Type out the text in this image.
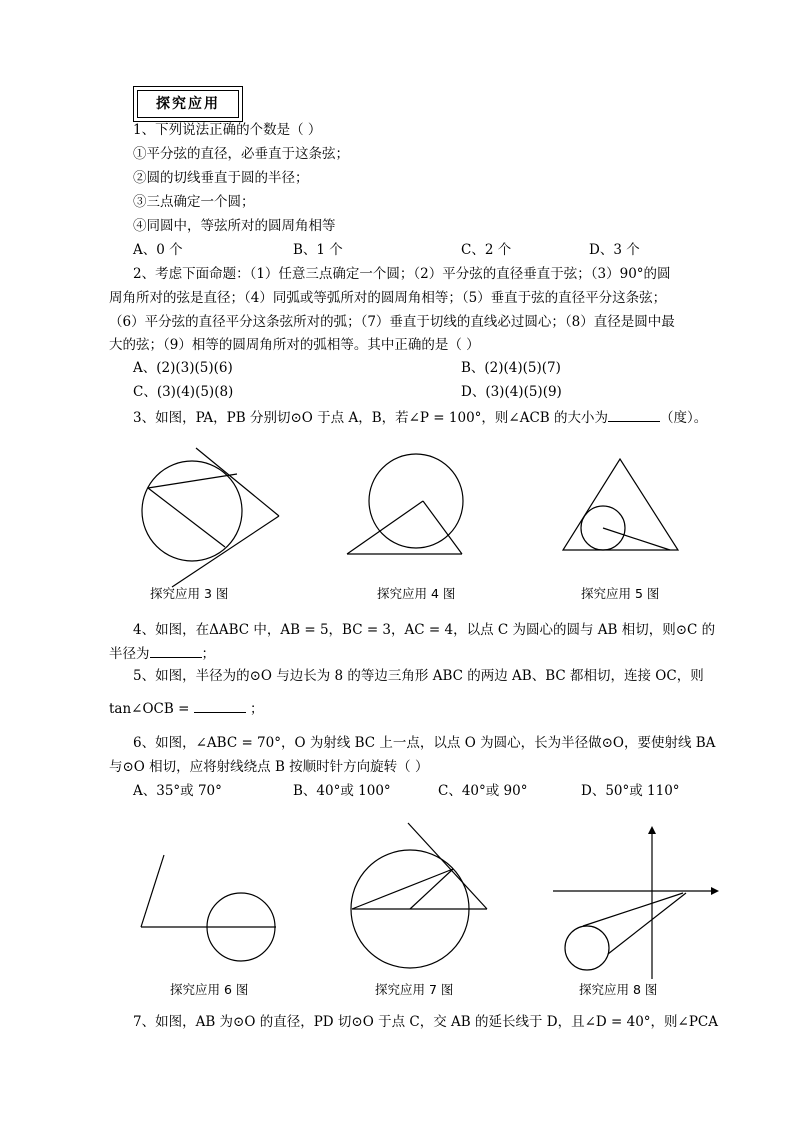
探究应用
1、下列说法正确的个数是（ ）
①平分弦的直径，必垂直于这条弦；
②圆的切线垂直于圆的半径；
③三点确定一个圆；
④同圆中，等弦所对的圆周角相等
A、0 个	B、1 个	C、2 个	D、3 个
2、考虑下面命题：（1）任意三点确定一个圆；（2）平分弦的直径垂直于弦；（3）90°的圆
周角所对的弦是直径；（4）同弧或等弧所对的圆周角相等；（5）垂直于弦的直径平分这条弦；
（6）平分弦的直径平分这条弦所对的弧；（7）垂直于切线的直线必过圆心；（8）直径是圆中最
大的弦；（9）相等的圆周角所对的弧相等。其中正确的是（ ）
A、(2)(3)(5)(6)	B、(2)(4)(5)(7)
C、(3)(4)(5)(8)	D、(3)(4)(5)(9)
3、如图，PA，PB 分别切⊙O 于点 A，B，若∠P = 100°，则∠ACB 的大小为	（度）。
探究应用 3 图	探究应用 4 图	探究应用 5 图
4、如图，在ΔABC 中，AB = 5，BC = 3，AC = 4，以点 C 为圆心的圆与 AB 相切，则⊙C 的
半径为	；
5、如图，半径为的⊙O 与边长为 8 的等边三角形 ABC 的两边 AB、BC 都相切，连接 OC，则
tan∠OCB =	；
6、如图，∠ABC = 70°，O 为射线 BC 上一点，以点 O 为圆心，长为半径做⊙O，要使射线 BA
与⊙O 相切，应将射线绕点 B 按顺时针方向旋转（ ）
A、35°或 70°	B、40°或 100°	C、40°或 90°	D、50°或 110°
探究应用 6 图	探究应用 7 图	探究应用 8 图
7、如图，AB 为⊙O 的直径，PD 切⊙O 于点 C，交 AB 的延长线于 D，且∠D = 40°，则∠PCA
